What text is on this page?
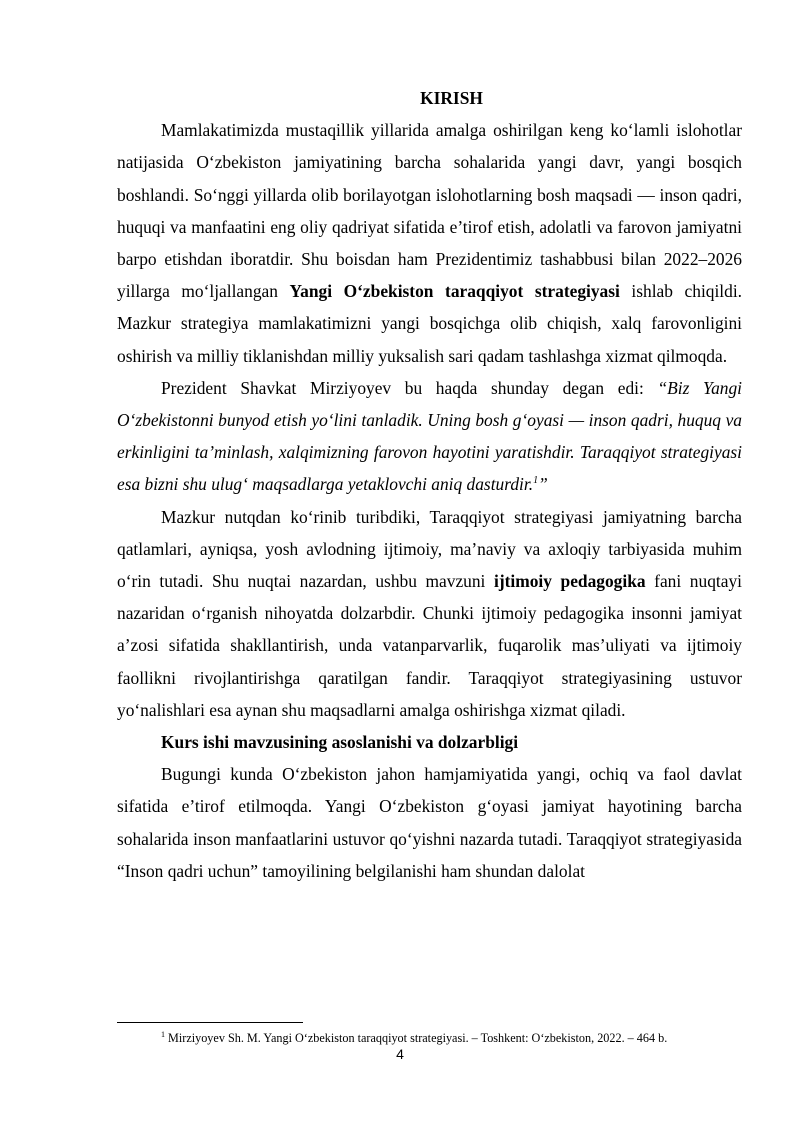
KIRISH

Mamlakatimizda mustaqillik yillarida amalga oshirilgan keng ko‘lamli islohotlar natijasida O‘zbekiston jamiyatining barcha sohalarida yangi davr, yangi bosqich boshlandi. So‘nggi yillarda olib borilayotgan islohotlarning bosh maqsadi — inson qadri, huquqi va manfaatini eng oliy qadriyat sifatida e’tirof etish, adolatli va farovon jamiyatni barpo etishdan iboratdir. Shu boisdan ham Prezidentimiz tashabbusi bilan 2022–2026 yillarga mo‘ljallangan Yangi O‘zbekiston taraqqiyot strategiyasi ishlab chiqildi. Mazkur strategiya mamlakatimizni yangi bosqichga olib chiqish, xalq farovonligini oshirish va milliy tiklanishdan milliy yuksalish sari qadam tashlashga xizmat qilmoqda.

Prezident Shavkat Mirziyoyev bu haqda shunday degan edi: “Biz Yangi O‘zbekistonni bunyod etish yo‘lini tanladik. Uning bosh g‘oyasi — inson qadri, huquq va erkinligini ta’minlash, xalqimizning farovon hayotini yaratishdir. Taraqqiyot strategiyasi esa bizni shu ulug‘ maqsadlarga yetaklovchi aniq dasturdir.$^1$”

Mazkur nutqdan ko‘rinib turibdiki, Taraqqiyot strategiyasi jamiyatning barcha qatlamlari, ayniqsa, yosh avlodning ijtimoiy, ma’naviy va axloqiy tarbiyasida muhim o‘rin tutadi. Shu nuqtai nazardan, ushbu mavzuni ijtimoiy pedagogika fani nuqtayi nazaridan o‘rganish nihoyatda dolzarbdir. Chunki ijtimoiy pedagogika insonni jamiyat a’zosi sifatida shakllantirish, unda vatanparvarlik, fuqarolik mas’uliyati va ijtimoiy faollikni rivojlantirishga qaratilgan fandir. Taraqqiyot strategiyasining ustuvor yo‘nalishlari esa aynan shu maqsadlarni amalga oshirishga xizmat qiladi.

Kurs ishi mavzusining asoslanishi va dolzarbligi

Bugungi kunda O‘zbekiston jahon hamjamiyatida yangi, ochiq va faol davlat sifatida e’tirof etilmoqda. Yangi O‘zbekiston g‘oyasi jamiyat hayotining barcha sohalarida inson manfaatlarini ustuvor qo‘yishni nazarda tutadi. Taraqqiyot strategiyasida “Inson qadri uchun” tamoyilining belgilanishi ham shundan dalolat

$^1$ Mirziyoyev Sh. M. Yangi O‘zbekiston taraqqiyot strategiyasi. – Toshkent: O‘zbekiston, 2022. – 464 b.
4
